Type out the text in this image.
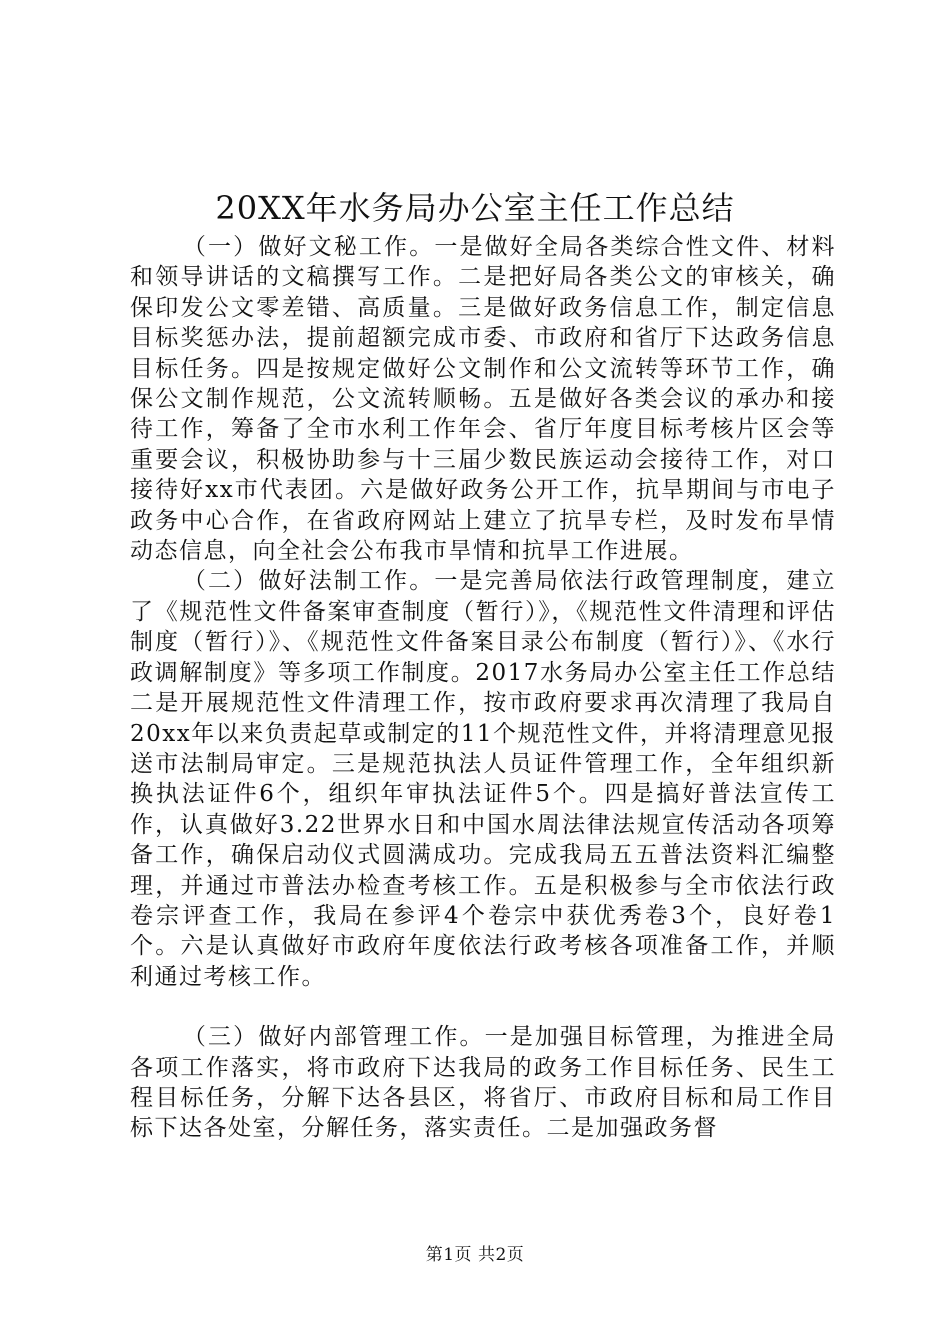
20XX年水务局办公室主任工作总结

（一）做好文秘工作。一是做好全局各类综合性文件、材料和领导讲话的文稿撰写工作。二是把好局各类公文的审核关，确保印发公文零差错、高质量。三是做好政务信息工作，制定信息目标奖惩办法，提前超额完成市委、市政府和省厅下达政务信息目标任务。四是按规定做好公文制作和公文流转等环节工作，确保公文制作规范，公文流转顺畅。五是做好各类会议的承办和接待工作，筹备了全市水利工作年会、省厅年度目标考核片区会等重要会议，积极协助参与十三届少数民族运动会接待工作，对口接待好xx市代表团。六是做好政务公开工作，抗旱期间与市电子政务中心合作，在省政府网站上建立了抗旱专栏，及时发布旱情动态信息，向全社会公布我市旱情和抗旱工作进展。

（二）做好法制工作。一是完善局依法行政管理制度，建立了《规范性文件备案审查制度（暂行）》，《规范性文件清理和评估制度（暂行）》、《规范性文件备案目录公布制度（暂行）》、《水行政调解制度》等多项工作制度。2017水务局办公室主任工作总结二是开展规范性文件清理工作，按市政府要求再次清理了我局自20xx年以来负责起草或制定的11个规范性文件，并将清理意见报送市法制局审定。三是规范执法人员证件管理工作，全年组织新换执法证件6个，组织年审执法证件5个。四是搞好普法宣传工作，认真做好3.22世界水日和中国水周法律法规宣传活动各项筹备工作，确保启动仪式圆满成功。完成我局五五普法资料汇编整理，并通过市普法办检查考核工作。五是积极参与全市依法行政卷宗评查工作，我局在参评4个卷宗中获优秀卷3个，良好卷1个。六是认真做好市政府年度依法行政考核各项准备工作，并顺利通过考核工作。

（三）做好内部管理工作。一是加强目标管理，为推进全局各项工作落实，将市政府下达我局的政务工作目标任务、民生工程目标任务，分解下达各县区，将省厅、市政府目标和局工作目标下达各处室，分解任务，落实责任。二是加强政务督

第1页 共2页
